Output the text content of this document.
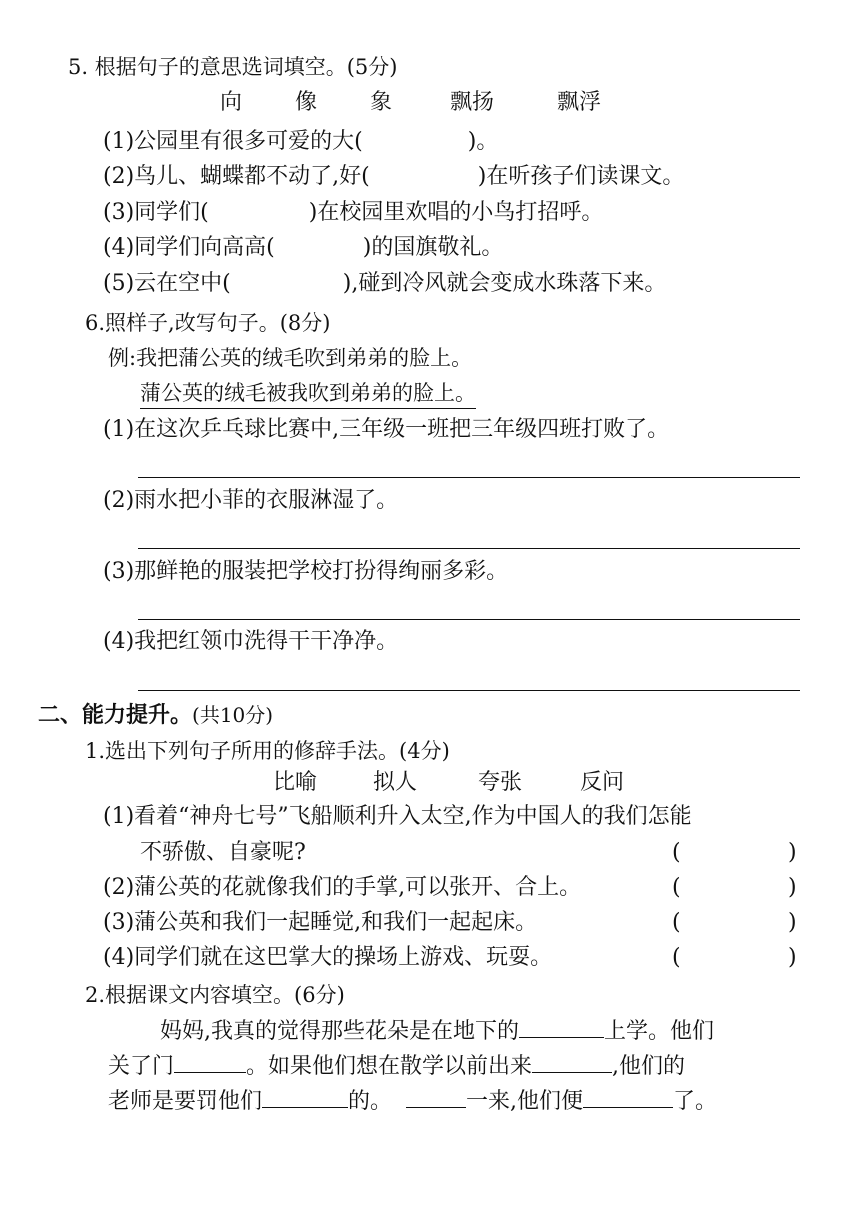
5. 根据句子的意思选词填空。(5分)
向 像 象	飘扬	飘浮
(1)公园里有很多可爱的大(	)。
(2)鸟儿、蝴蝶都不动了,好(	)在听孩子们读课文。
(3)同学们(	)在校园里欢唱的小鸟打招呼。
(4)同学们向高高(	)的国旗敬礼。
(5)云在空中(	),碰到冷风就会变成水珠落下来。
6.照样子,改写句子。(8分)
例:我把蒲公英的绒毛吹到弟弟的脸上。
蒲公英的绒毛被我吹到弟弟的脸上。
(1)在这次乒乓球比赛中,三年级一班把三年级四班打败了。
(2)雨水把小菲的衣服淋湿了。
(3)那鲜艳的服装把学校打扮得绚丽多彩。
(4)我把红领巾洗得干干净净。
二、能力提升。(共10分)
1.选出下列句子所用的修辞手法。(4分)
比喻	拟人	夸张	反问
(1)看着“神舟七号”飞船顺利升入太空,作为中国人的我们怎能
不骄傲、自豪呢?	(	)
(2)蒲公英的花就像我们的手掌,可以张开、合上。	(	)
(3)蒲公英和我们一起睡觉,和我们一起起床。	(	)
(4)同学们就在这巴掌大的操场上游戏、玩耍。	(	)
2.根据课文内容填空。(6分)
妈妈,我真的觉得那些花朵是在地下的	上学。他们
关了门	。如果他们想在散学以前出来	,他们的
老师是要罚他们	的。	一来,他们便	了。
